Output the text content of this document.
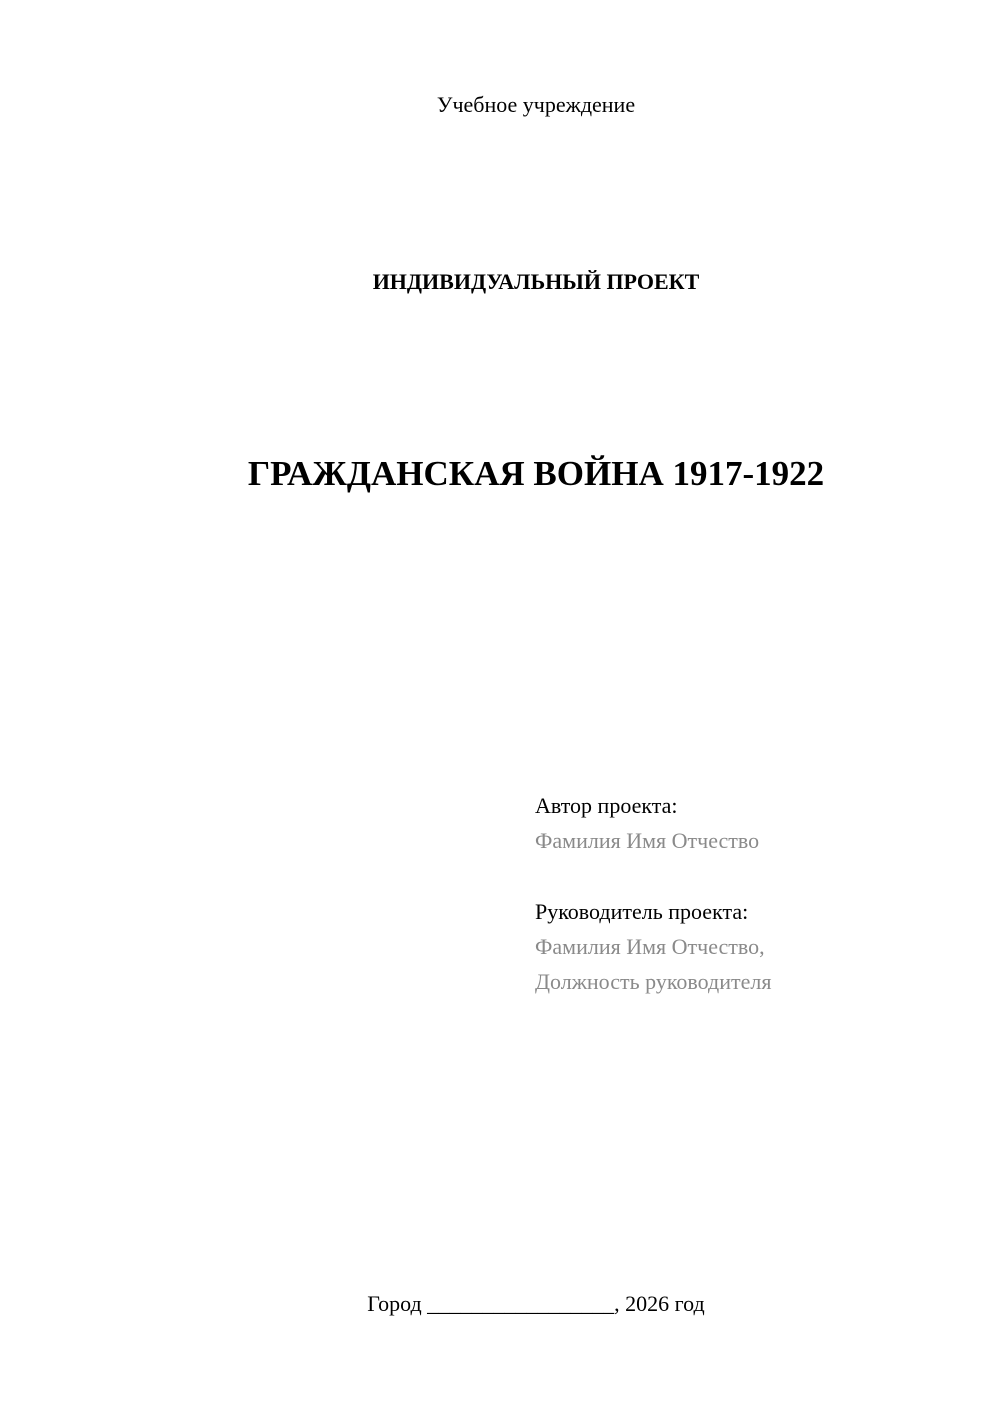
Учебное учреждение
ИНДИВИДУАЛЬНЫЙ ПРОЕКТ
ГРАЖДАНСКАЯ ВОЙНА 1917-1922
Автор проекта:
Фамилия Имя Отчество
Руководитель проекта:
Фамилия Имя Отчество,
Должность руководителя
Город _________________, 2026 год
